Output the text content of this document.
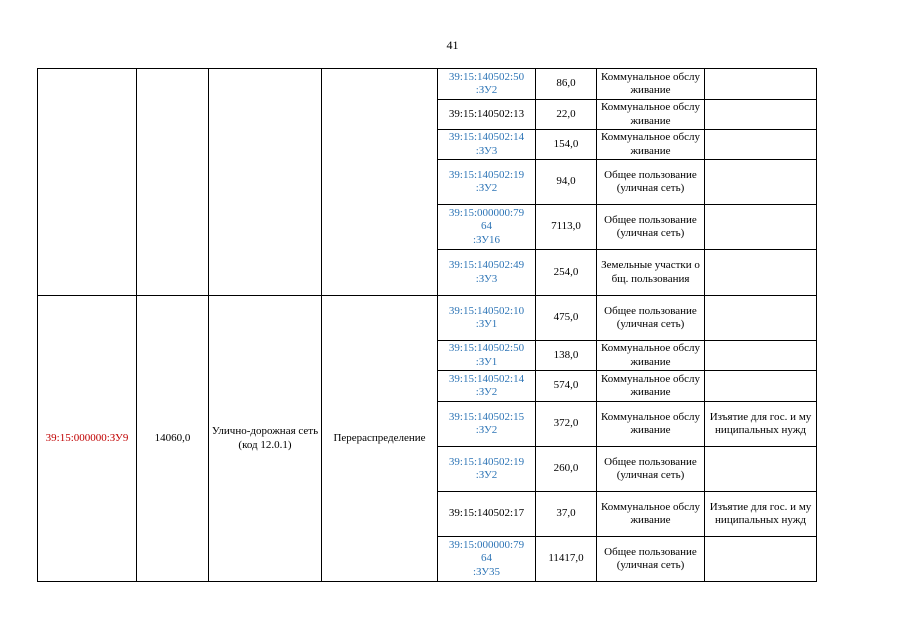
41
				39:15:140502:50
:ЗУ2	86,0	Коммунальное обслуживание	
				39:15:140502:13	22,0	Коммунальное обслуживание	
				39:15:140502:14
:ЗУ3	154,0	Коммунальное обслуживание	
				39:15:140502:19
:ЗУ2	94,0	Общее пользование (уличная сеть)	
				39:15:000000:79
64
:ЗУ16	7113,0	Общее пользование (уличная сеть)	
				39:15:140502:49
:ЗУ3	254,0	Земельные участки общ. пользования	
39:15:000000:ЗУ9	14060,0	Улично-дорожная сеть (код 12.0.1)	Перераспределение	39:15:140502:10
:ЗУ1	475,0	Общее пользование (уличная сеть)	
				39:15:140502:50
:ЗУ1	138,0	Коммунальное обслуживание	
				39:15:140502:14
:ЗУ2	574,0	Коммунальное обслуживание	
				39:15:140502:15
:ЗУ2	372,0	Коммунальное обслуживание	Изъятие для гос. и муниципальных нужд
				39:15:140502:19
:ЗУ2	260,0	Общее пользование (уличная сеть)	
				39:15:140502:17	37,0	Коммунальное обслуживание	Изъятие для гос. и муниципальных нужд
				39:15:000000:79
64
:ЗУ35	11417,0	Общее пользование (уличная сеть)	
